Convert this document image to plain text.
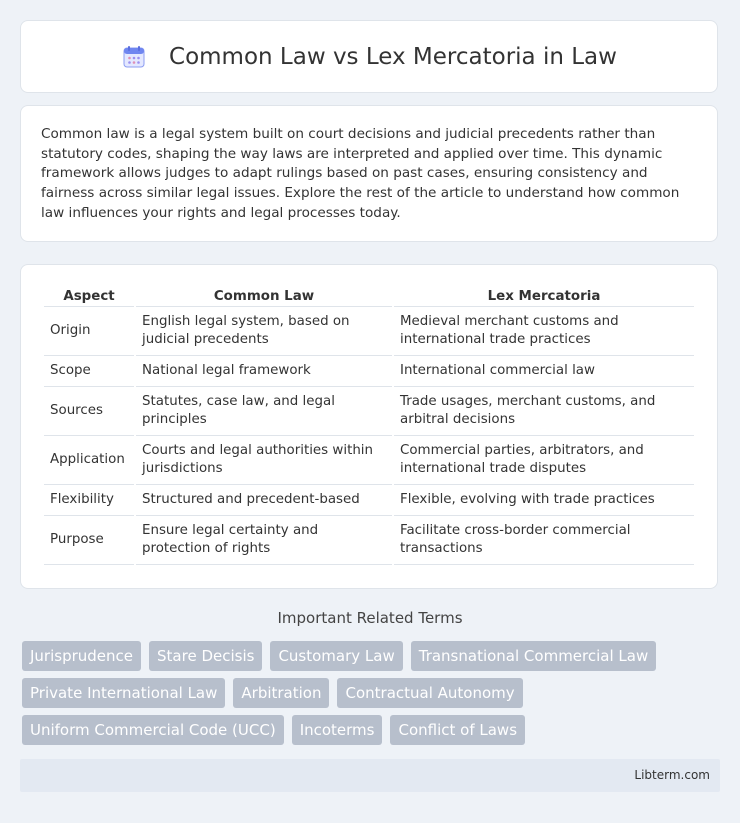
Common Law vs Lex Mercatoria in Law

Common law is a legal system built on court decisions and judicial precedents rather than statutory codes, shaping the way laws are interpreted and applied over time. This dynamic framework allows judges to adapt rulings based on past cases, ensuring consistency and fairness across similar legal issues. Explore the rest of the article to understand how common law influences your rights and legal processes today.

Aspect	Common Law	Lex Mercatoria
Origin	English legal system, based on judicial precedents	Medieval merchant customs and international trade practices
Scope	National legal framework	International commercial law
Sources	Statutes, case law, and legal principles	Trade usages, merchant customs, and arbitral decisions
Application	Courts and legal authorities within jurisdictions	Commercial parties, arbitrators, and international trade disputes
Flexibility	Structured and precedent-based	Flexible, evolving with trade practices
Purpose	Ensure legal certainty and protection of rights	Facilitate cross-border commercial transactions
Important Related Terms
Jurisprudence	Stare Decisis	Customary Law	Transnational Commercial Law
Private International Law	Arbitration	Contractual Autonomy
Uniform Commercial Code (UCC)	Incoterms	Conflict of Laws
Libterm.com
